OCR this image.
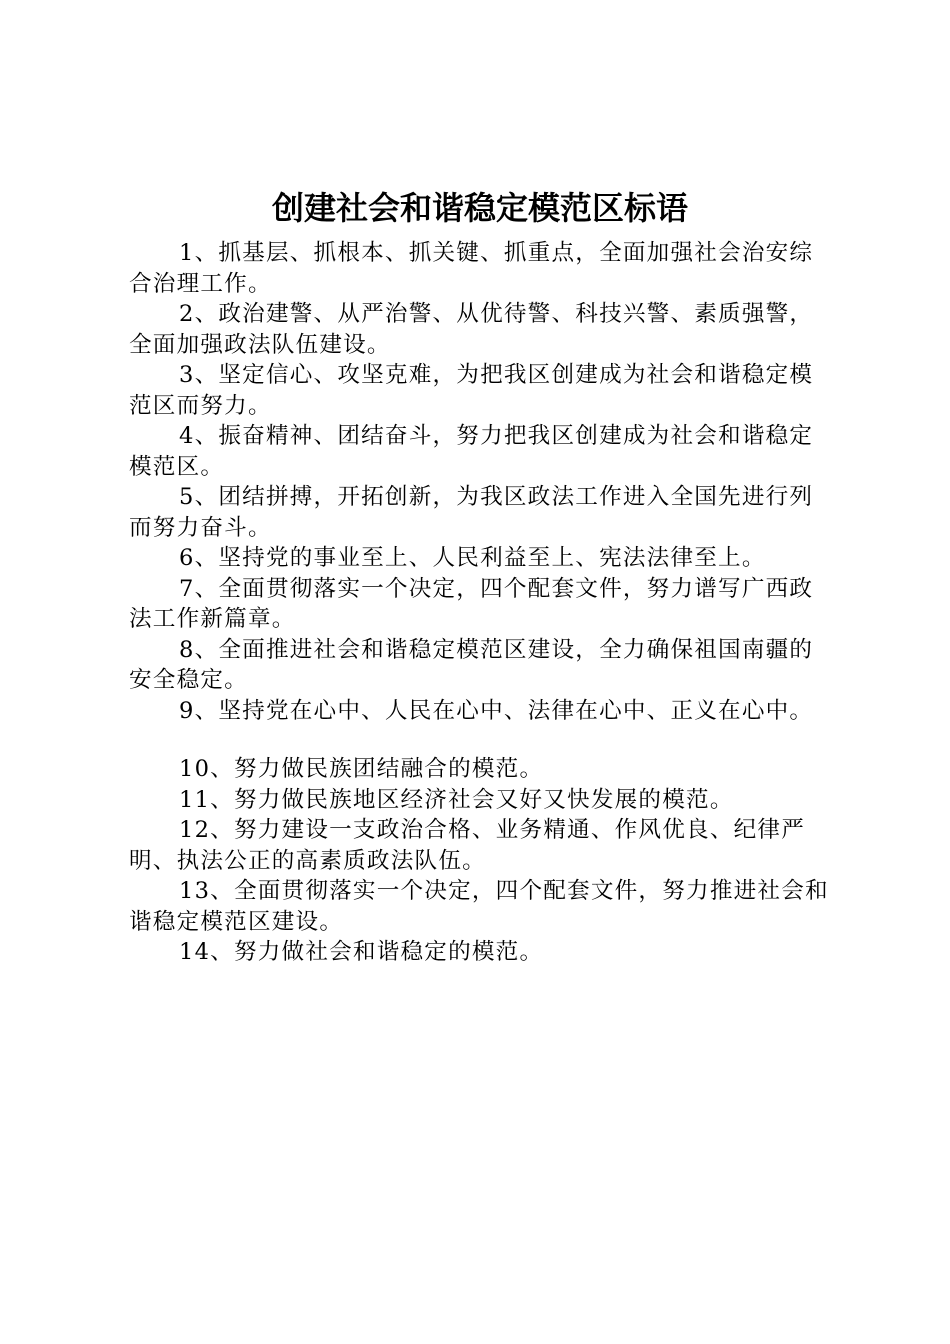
创建社会和谐稳定模范区标语

1、抓基层、抓根本、抓关键、抓重点，全面加强社会治安综合治理工作。

2、政治建警、从严治警、从优待警、科技兴警、素质强警，全面加强政法队伍建设。

3、坚定信心、攻坚克难，为把我区创建成为社会和谐稳定模范区而努力。

4、振奋精神、团结奋斗，努力把我区创建成为社会和谐稳定模范区。

5、团结拼搏，开拓创新，为我区政法工作进入全国先进行列而努力奋斗。

6、坚持党的事业至上、人民利益至上、宪法法律至上。

7、全面贯彻落实一个决定，四个配套文件，努力谱写广西政法工作新篇章。

8、全面推进社会和谐稳定模范区建设，全力确保祖国南疆的安全稳定。

9、坚持党在心中、人民在心中、法律在心中、正义在心中。

10、努力做民族团结融合的模范。

11、努力做民族地区经济社会又好又快发展的模范。

12、努力建设一支政治合格、业务精通、作风优良、纪律严明、执法公正的高素质政法队伍。

13、全面贯彻落实一个决定，四个配套文件，努力推进社会和谐稳定模范区建设。

14、努力做社会和谐稳定的模范。
